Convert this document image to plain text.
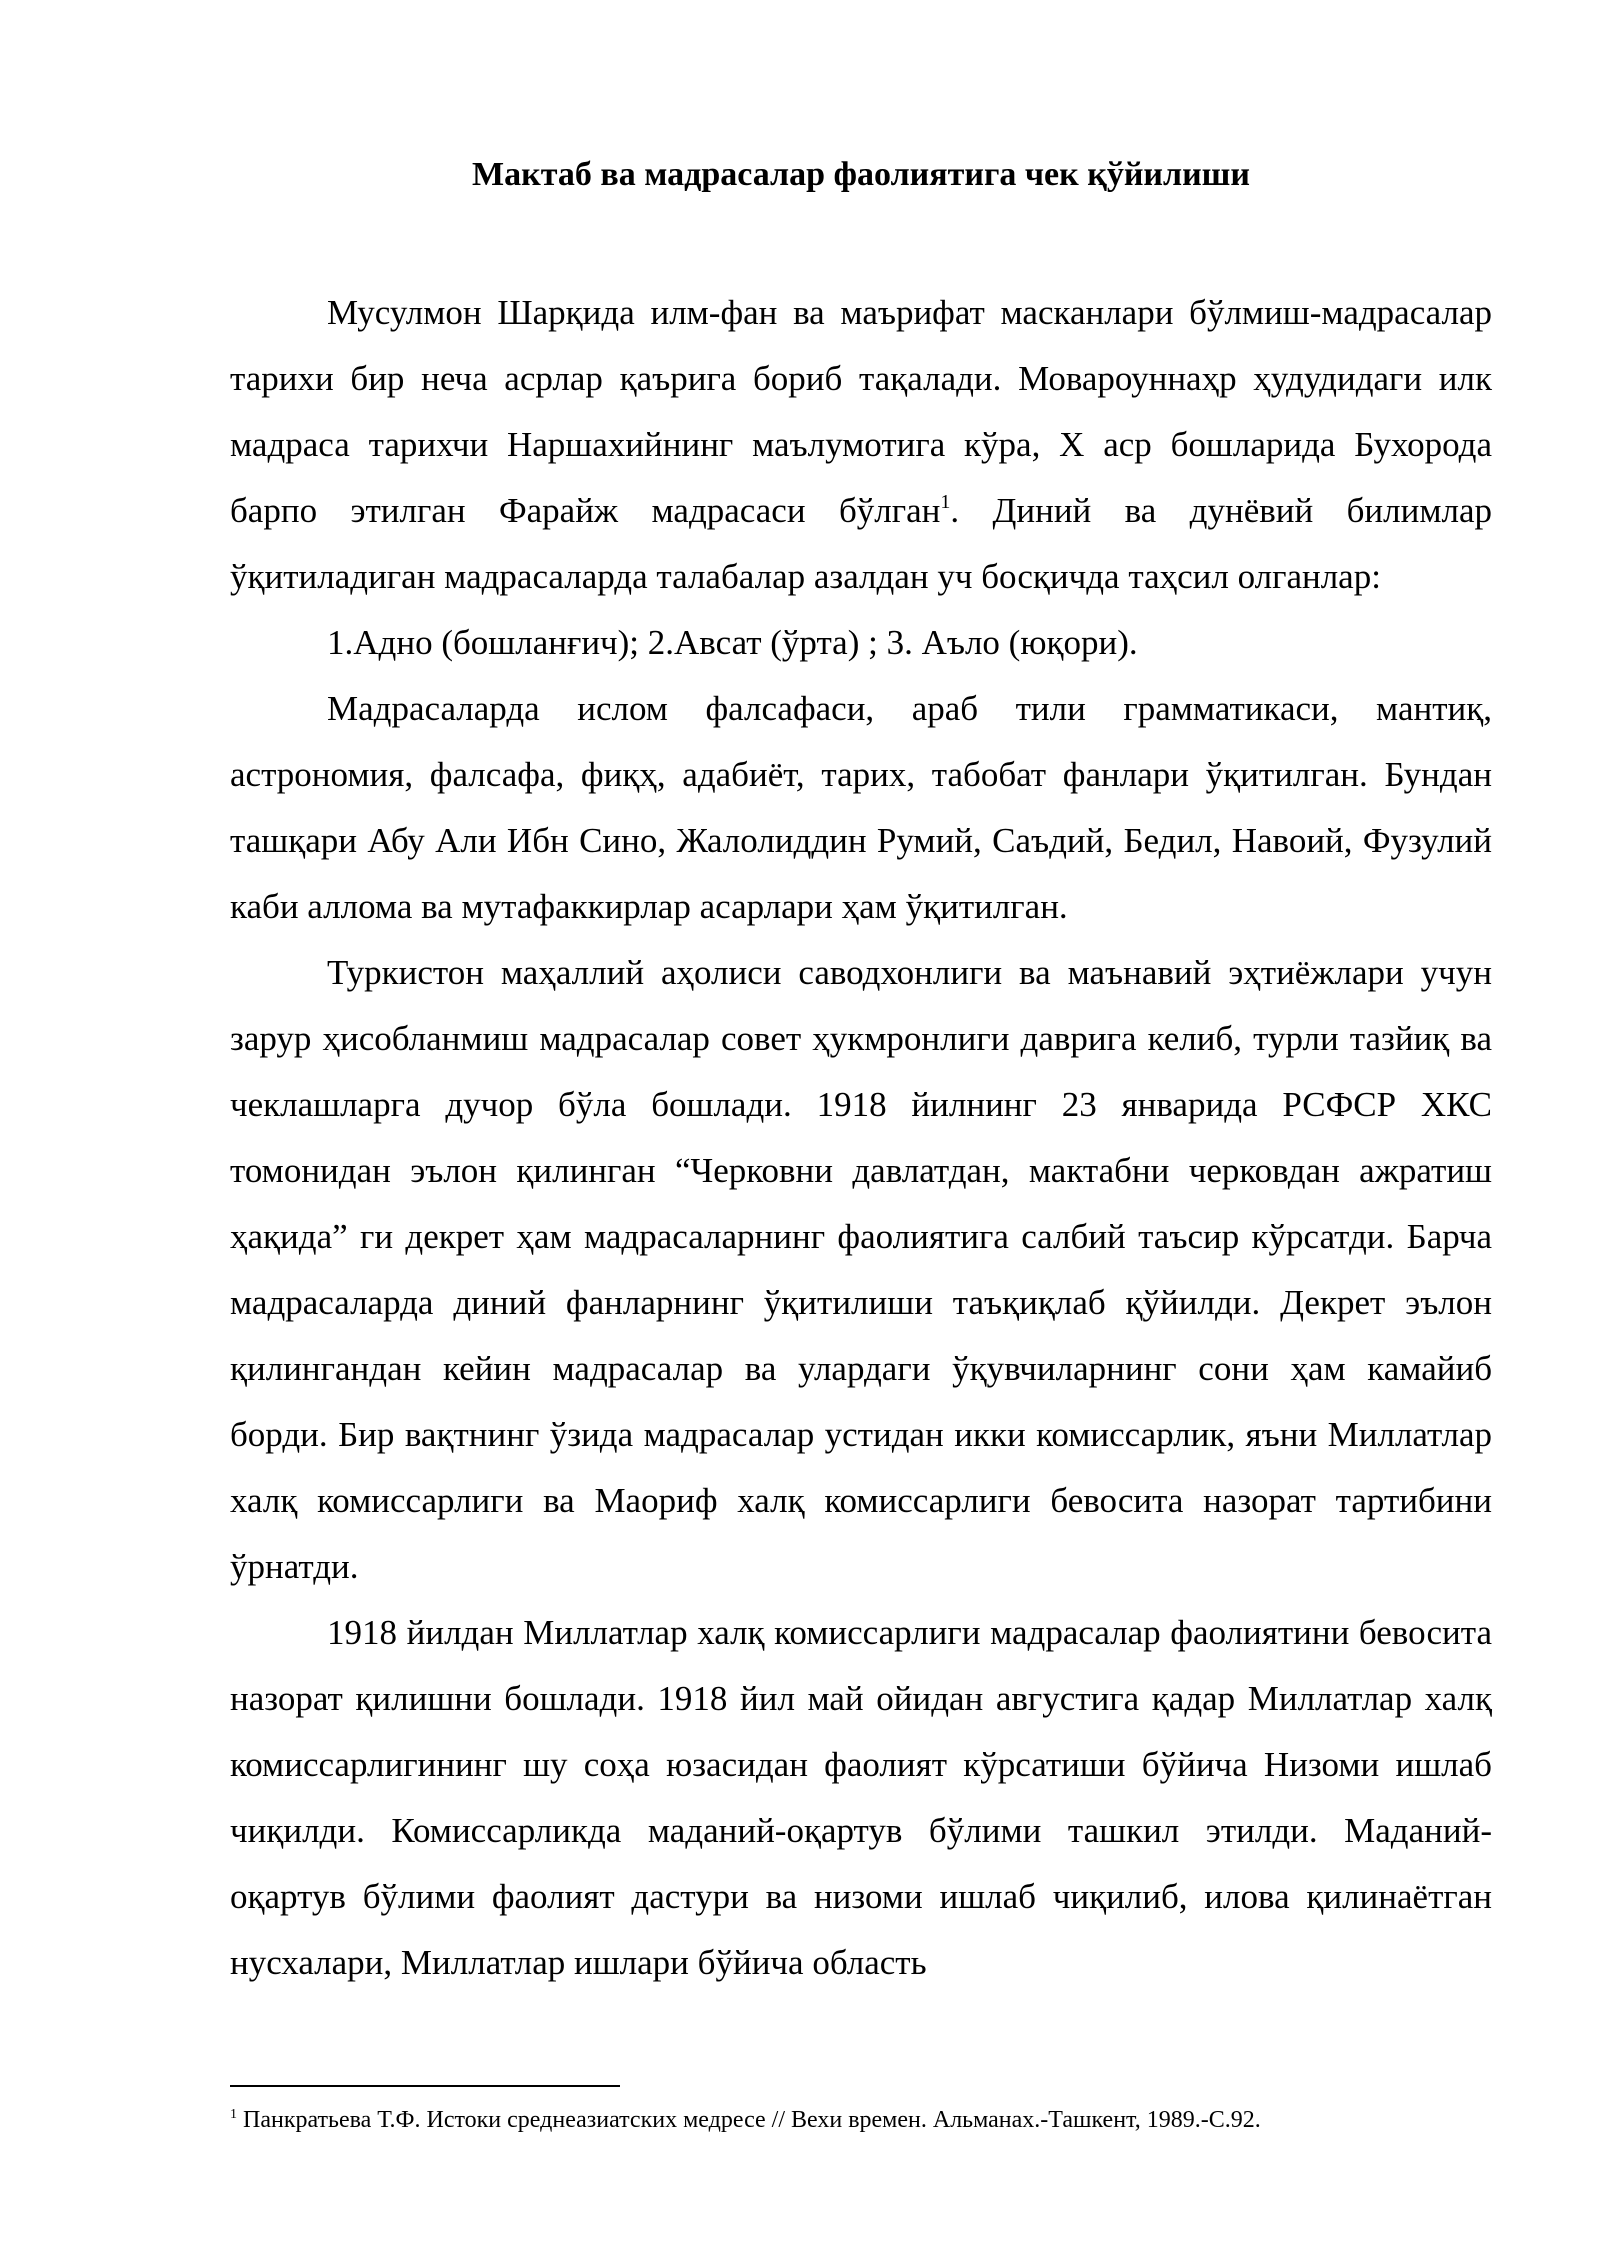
Мактаб ва мадрасалар фаолиятига чек қўйилиши

Мусулмон Шарқида илм-фан ва маърифат масканлари бўлмиш-мадрасалар тарихи бир неча асрлар қаърига бориб тақалади. Мовароуннаҳр ҳудудидаги илк мадраса тарихчи Наршахийнинг маълумотига кўра, X аср бошларида Бухорода барпо этилган Фарайж мадрасаси бўлган$^1$. Диний ва дунёвий билимлар ўқитиладиган мадрасаларда талабалар азалдан уч босқичда таҳсил олганлар:

1.Адно (бошланғич); 2.Авсат (ўрта) ; 3. Аъло (юқори).

Мадрасаларда ислом фалсафаси, араб тили грамматикаси, мантиқ, астрономия, фалсафа, фиқҳ, адабиёт, тарих, табобат фанлари ўқитилган. Бундан ташқари Абу Али Ибн Сино, Жалолиддин Румий, Саъдий, Бедил, Навоий, Фузулий каби аллома ва мутафаккирлар асарлари ҳам ўқитилган.

Туркистон маҳаллий аҳолиси саводхонлиги ва маънавий эҳтиёжлари учун зарур ҳисобланмиш мадрасалар совет ҳукмронлиги даврига келиб, турли тазйиқ ва чеклашларга дучор бўла бошлади. 1918 йилнинг 23 январида РСФСР ХКС томонидан эълон қилинган “Черковни давлатдан, мактабни черковдан ажратиш ҳақида” ги декрет ҳам мадрасаларнинг фаолиятига салбий таъсир кўрсатди. Барча мадрасаларда диний фанларнинг ўқитилиши таъқиқлаб қўйилди. Декрет эълон қилингандан кейин мадрасалар ва улардаги ўқувчиларнинг сони ҳам камайиб борди. Бир вақтнинг ўзида мадрасалар устидан икки комиссарлик, яъни Миллатлар халқ комиссарлиги ва Маориф халқ комиссарлиги бевосита назорат тартибини ўрнатди.

1918 йилдан Миллатлар халқ комиссарлиги мадрасалар фаолиятини бевосита назорат қилишни бошлади. 1918 йил май ойидан августига қадар Миллатлар халқ комиссарлигининг шу соҳа юзасидан фаолият кўрсатиши бўйича Низоми ишлаб чиқилди. Комиссарликда маданий-оқартув бўлими ташкил этилди. Маданий-оқартув бўлими фаолият дастури ва низоми ишлаб чиқилиб, илова қилинаётган нусхалари, Миллатлар ишлари бўйича область

$^1$ Панкратьева Т.Ф. Истоки среднеазиатских медресе // Вехи времен. Альманах.-Ташкент, 1989.-С.92.
